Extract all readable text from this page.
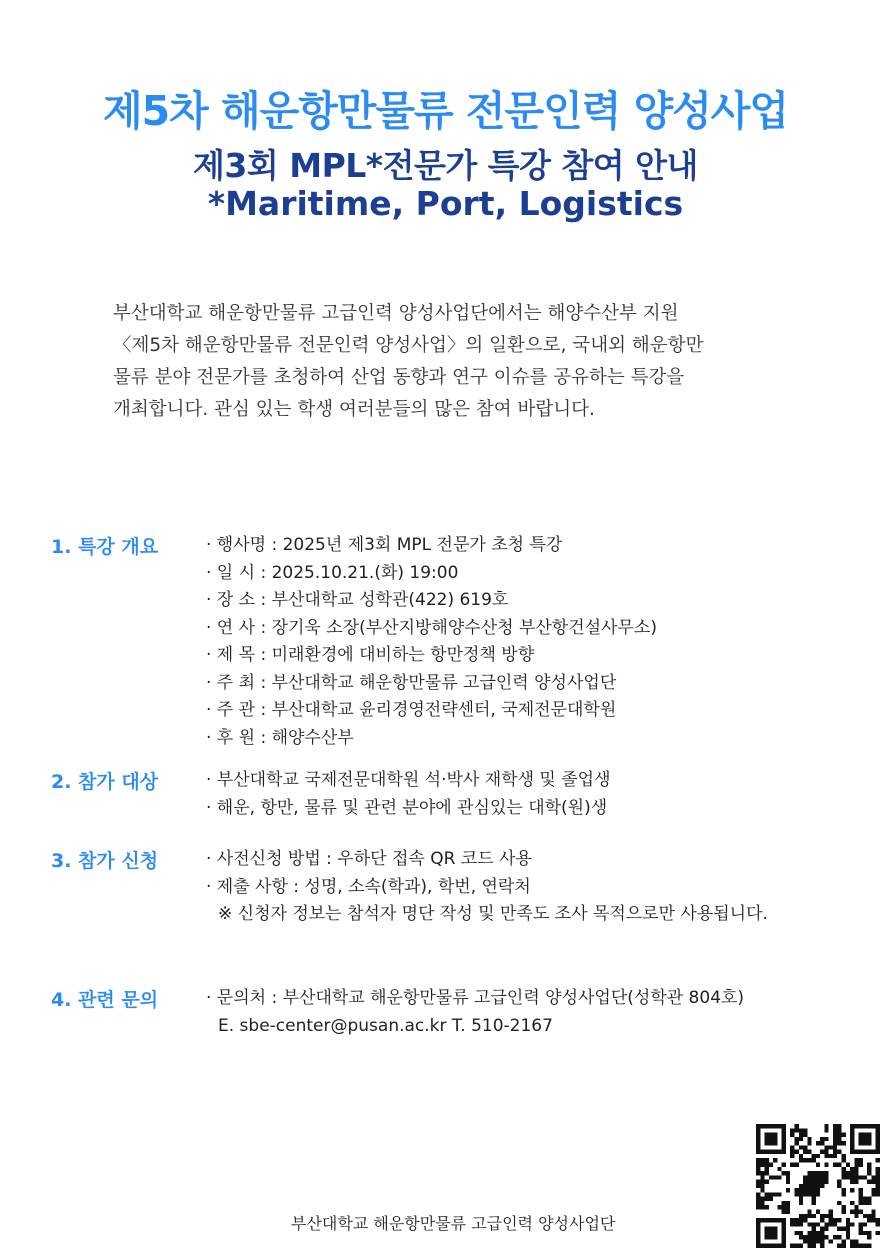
제5차 해운항만물류 전문인력 양성사업
제3회 MPL*전문가 특강 참여 안내
*Maritime, Port, Logistics
부산대학교 해운항만물류 고급인력 양성사업단에서는 해양수산부 지원
〈제5차 해운항만물류 전문인력 양성사업〉의 일환으로, 국내외 해운항만
물류 분야 전문가를 초청하여 산업 동향과 연구 이슈를 공유하는 특강을
개최합니다. 관심 있는 학생 여러분들의 많은 참여 바랍니다.
1. 특강 개요	· 행사명 : 2025년 제3회 MPL 전문가 초청 특강
· 일 시 : 2025.10.21.(화) 19:00
· 장 소 : 부산대학교 성학관(422) 619호
· 연 사 : 장기욱 소장(부산지방해양수산청 부산항건설사무소)
· 제 목 : 미래환경에 대비하는 항만정책 방향
· 주 최 : 부산대학교 해운항만물류 고급인력 양성사업단
· 주 관 : 부산대학교 윤리경영전략센터, 국제전문대학원
· 후 원 : 해양수산부
2. 참가 대상	· 부산대학교 국제전문대학원 석·박사 재학생 및 졸업생
· 해운, 항만, 물류 및 관련 분야에 관심있는 대학(원)생
3. 참가 신청	· 사전신청 방법 : 우하단 접속 QR 코드 사용
· 제출 사항 : 성명, 소속(학과), 학번, 연락처
※ 신청자 정보는 참석자 명단 작성 및 만족도 조사 목적으로만 사용됩니다.
4. 관련 문의	· 문의처 : 부산대학교 해운항만물류 고급인력 양성사업단(성학관 804호)
E. sbe-center@pusan.ac.kr T. 510-2167
부산대학교 해운항만물류 고급인력 양성사업단
